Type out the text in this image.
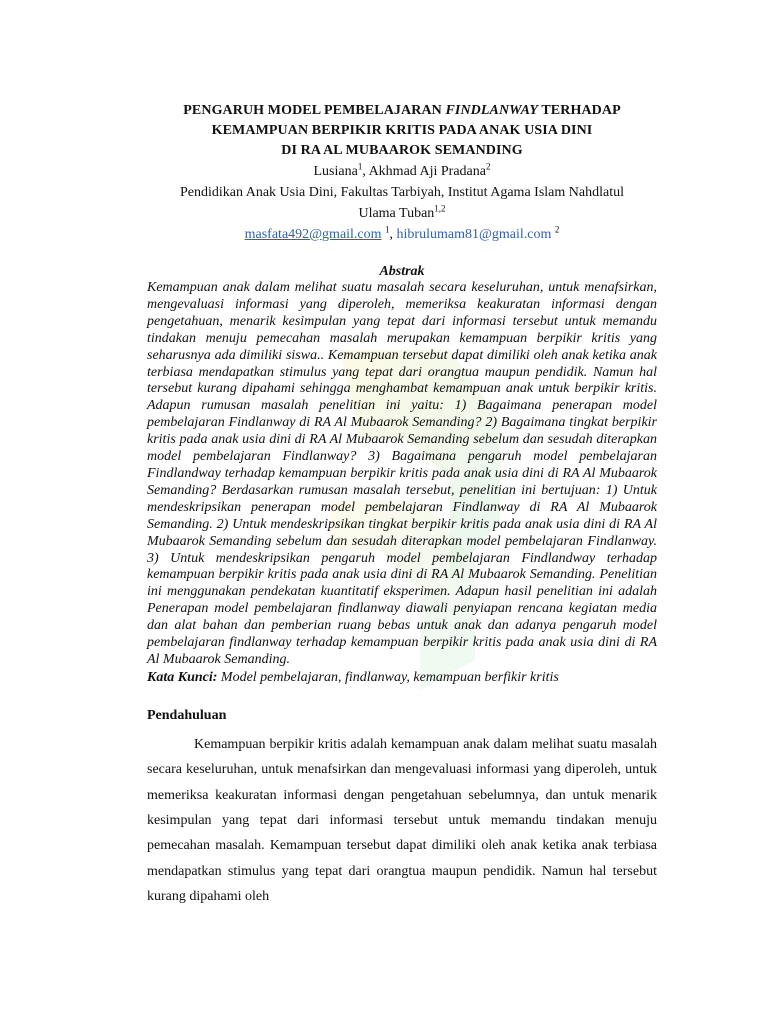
PENGARUH MODEL PEMBELAJARAN FINDLANWAY TERHADAP
KEMAMPUAN BERPIKIR KRITIS PADA ANAK USIA DINI
DI RA AL MUBAAROK SEMANDING
Lusiana$^1$, Akhmad Aji Pradana$^2$
Pendidikan Anak Usia Dini, Fakultas Tarbiyah, Institut Agama Islam Nahdlatul
Ulama Tuban$^{1,2}$
masfata492@gmail.com $^1$, hibrulumam81@gmail.com $^2$
Abstrak
Kemampuan anak dalam melihat suatu masalah secara keseluruhan, untuk menafsirkan, mengevaluasi informasi yang diperoleh, memeriksa keakuratan informasi dengan pengetahuan, menarik kesimpulan yang tepat dari informasi tersebut untuk memandu tindakan menuju pemecahan masalah merupakan kemampuan berpikir kritis yang seharusnya ada dimiliki siswa.. Kemampuan tersebut dapat dimiliki oleh anak ketika anak terbiasa mendapatkan stimulus yang tepat dari orangtua maupun pendidik. Namun hal tersebut kurang dipahami sehingga menghambat kemampuan anak untuk berpikir kritis. Adapun rumusan masalah penelitian ini yaitu: 1) Bagaimana penerapan model pembelajaran Findlanway di RA Al Mubaarok Semanding? 2) Bagaimana tingkat berpikir kritis pada anak usia dini di RA Al Mubaarok Semanding sebelum dan sesudah diterapkan model pembelajaran Findlanway? 3) Bagaimana pengaruh model pembelajaran Findlandway terhadap kemampuan berpikir kritis pada anak usia dini di RA Al Mubaarok Semanding? Berdasarkan rumusan masalah tersebut, penelitian ini bertujuan: 1) Untuk mendeskripsikan penerapan model pembelajaran Findlanway di RA Al Mubaarok Semanding. 2) Untuk mendeskripsikan tingkat berpikir kritis pada anak usia dini di RA Al Mubaarok Semanding sebelum dan sesudah diterapkan model pembelajaran Findlanway. 3) Untuk mendeskripsikan pengaruh model pembelajaran Findlandway terhadap kemampuan berpikir kritis pada anak usia dini di RA Al Mubaarok Semanding. Penelitian ini menggunakan pendekatan kuantitatif eksperimen. Adapun hasil penelitian ini adalah Penerapan model pembelajaran findlanway diawali penyiapan rencana kegiatan media dan alat bahan dan pemberian ruang bebas untuk anak dan adanya pengaruh model pembelajaran findlanway terhadap kemampuan berpikir kritis pada anak usia dini di RA Al Mubaarok Semanding.
Kata Kunci: Model pembelajaran, findlanway, kemampuan berfikir kritis
Pendahuluan
Kemampuan berpikir kritis adalah kemampuan anak dalam melihat suatu masalah secara keseluruhan, untuk menafsirkan dan mengevaluasi informasi yang diperoleh, untuk memeriksa keakuratan informasi dengan pengetahuan sebelumnya, dan untuk menarik kesimpulan yang tepat dari informasi tersebut untuk memandu tindakan menuju pemecahan masalah. Kemampuan tersebut dapat dimiliki oleh anak ketika anak terbiasa mendapatkan stimulus yang tepat dari orangtua maupun pendidik. Namun hal tersebut kurang dipahami oleh
